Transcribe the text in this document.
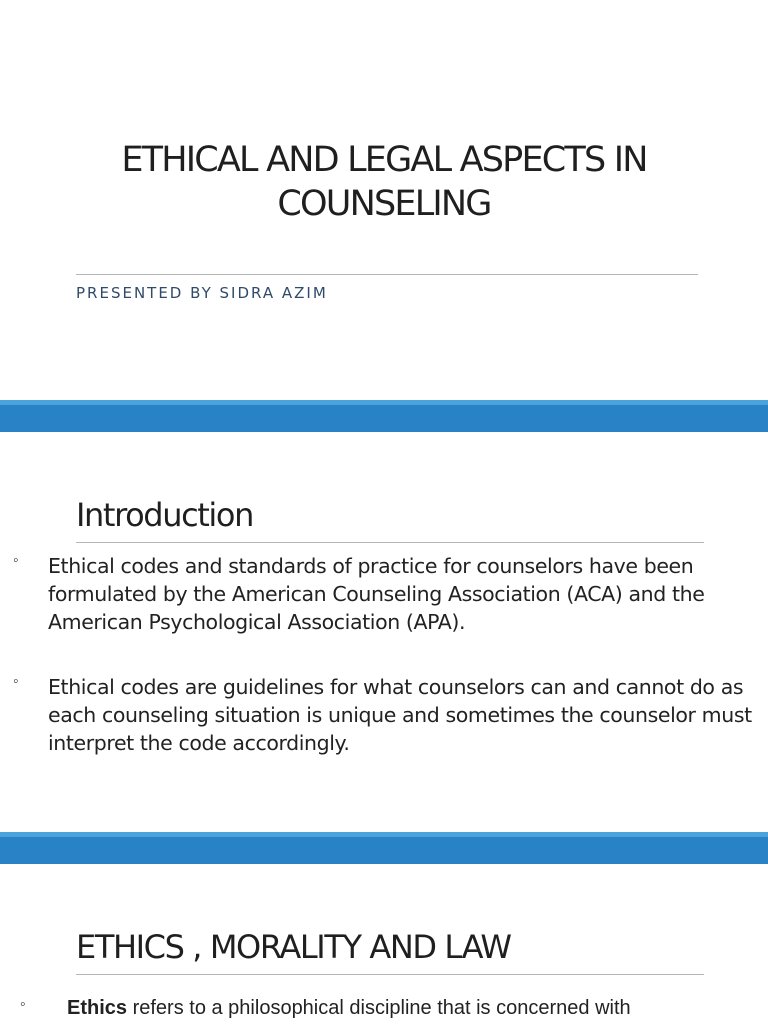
ETHICAL AND LEGAL ASPECTS IN
COUNSELING
PRESENTED BY SIDRA AZIM
Introduction
◦ Ethical codes and standards of practice for counselors have been formulated by the American Counseling Association (ACA) and the American Psychological Association (APA).
◦ Ethical codes are guidelines for what counselors can and cannot do as each counseling situation is unique and sometimes the counselor must interpret the code accordingly.
ETHICS , MORALITY AND LAW
◦ Ethics refers to a philosophical discipline that is concerned with
